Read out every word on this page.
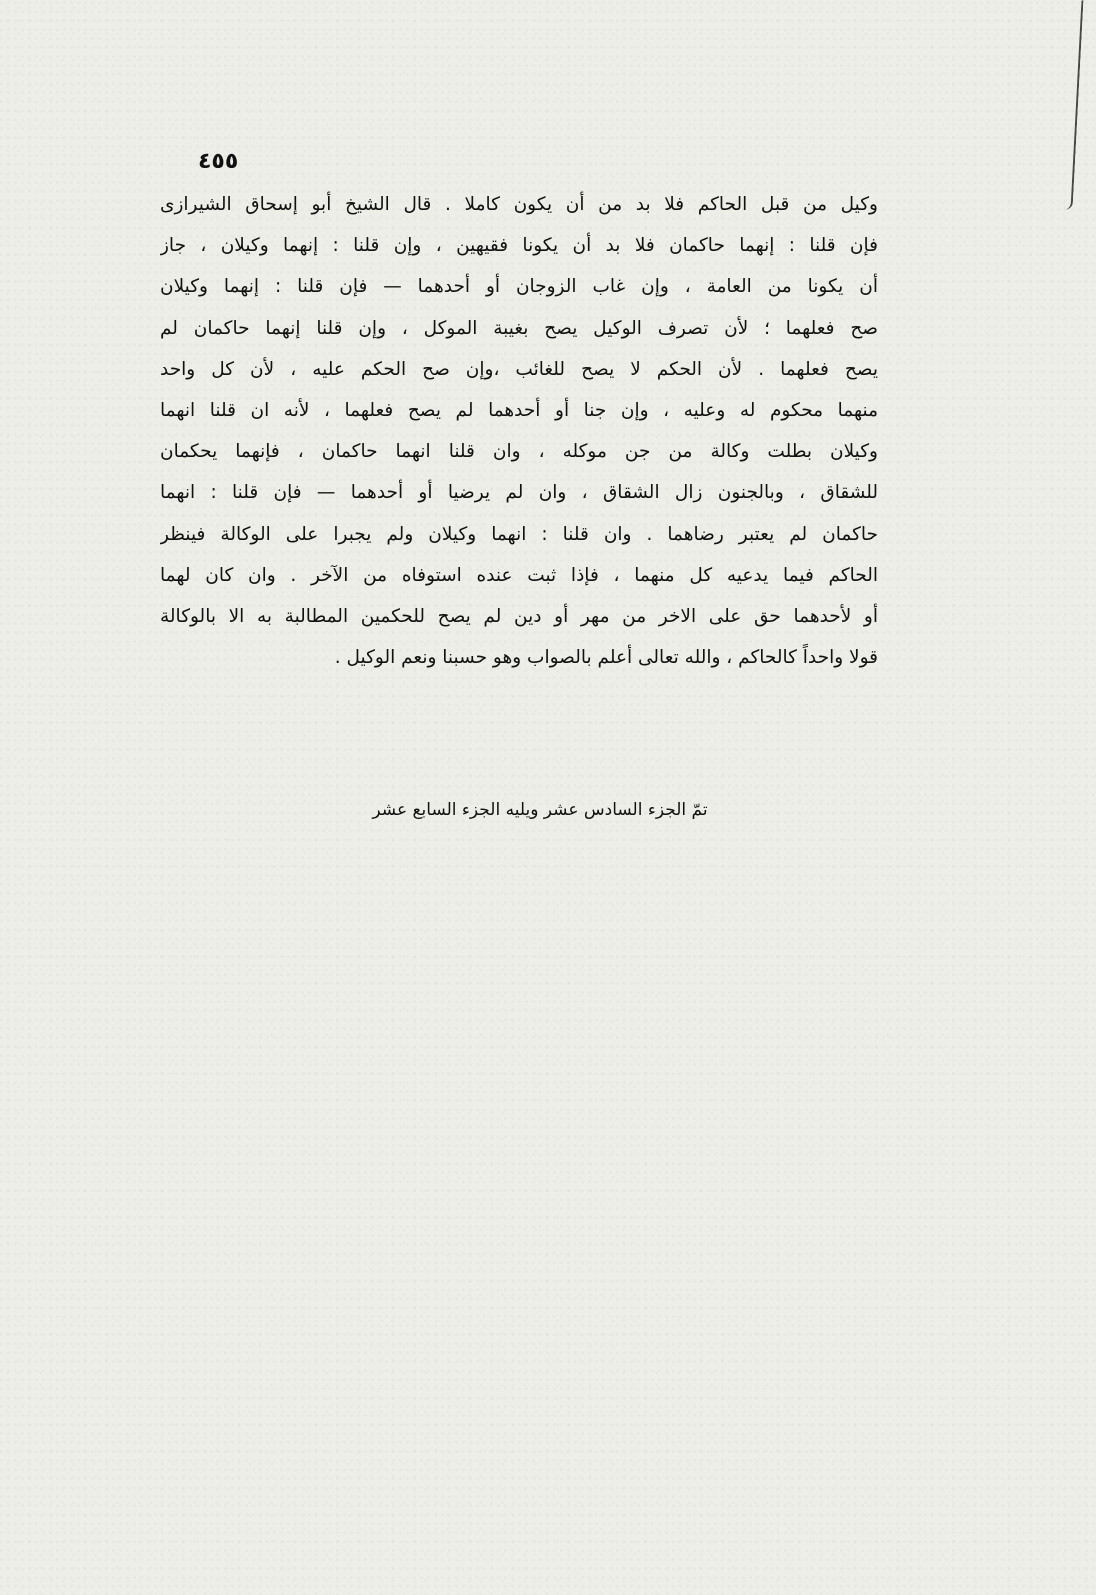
٤٥٥
وكيل من قبل الحاكم فلا بد من أن يكون كاملا . قال الشيخ أبو إسحاق الشيرازى
فإن قلنا : إنهما حاكمان فلا بد أن يكونا فقيهين ، وإن قلنا : إنهما وكيلان ، جاز
أن يكونا من العامة ، وإن غاب الزوجان أو أحدهما — فإن قلنا : إنهما وكيلان
صح فعلهما ؛ لأن تصرف الوكيل يصح بغيبة الموكل ، وإن قلنا إنهما حاكمان لم
يصح فعلهما . لأن الحكم لا يصح للغائب ،وإن صح الحكم عليه ، لأن كل واحد
منهما محكوم له وعليه ، وإن جنا أو أحدهما لم يصح فعلهما ، لأنه ان قلنا انهما
وكيلان بطلت وكالة من جن موكله ، وان قلنا انهما حاكمان ، فإنهما يحكمان
للشقاق ، وبالجنون زال الشقاق ، وان لم يرضيا أو أحدهما — فإن قلنا : انهما
حاكمان لم يعتبر رضاهما . وان قلنا : انهما وكيلان ولم يجبرا على الوكالة فينظر
الحاكم فيما يدعيه كل منهما ، فإذا ثبت عنده استوفاه من الآخر . وان كان لهما
أو لأحدهما حق على الاخر من مهر أو دين لم يصح للحكمين المطالبة به الا بالوكالة
قولا واحداً كالحاكم ، والله تعالى أعلم بالصواب وهو حسبنا ونعم الوكيل .
تمّ الجزء السادس عشر ويليه الجزء السابع عشر
